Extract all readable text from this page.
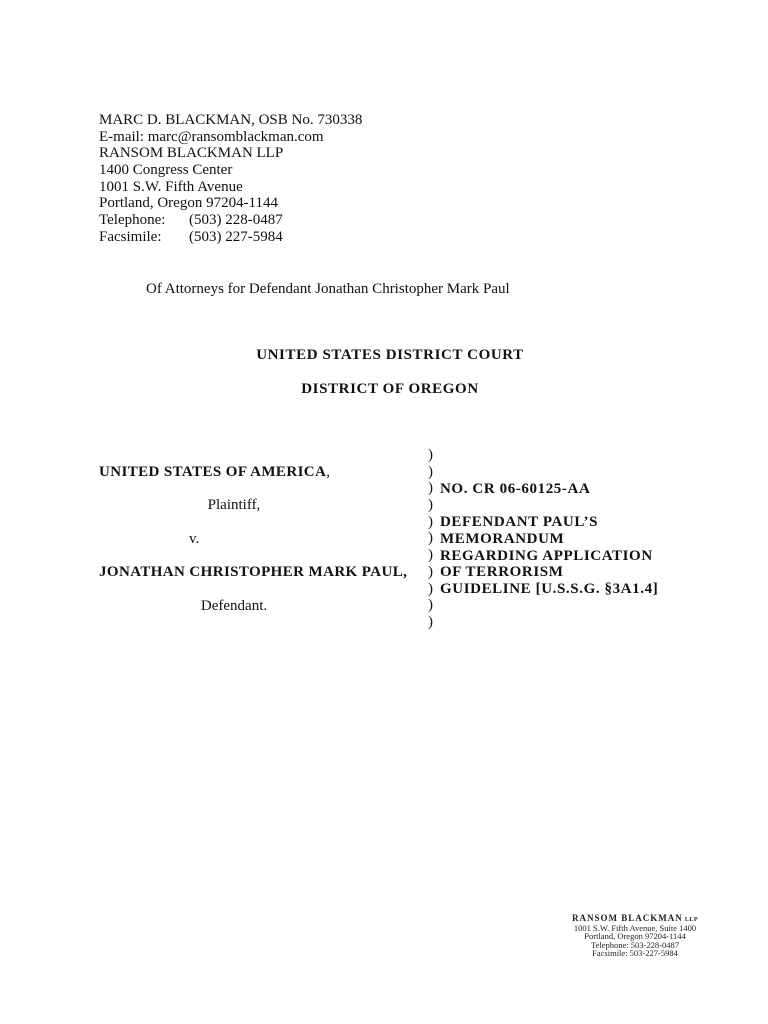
MARC D. BLACKMAN, OSB No. 730338
E-mail: marc@ransomblackman.com
RANSOM BLACKMAN LLP
1400 Congress Center
1001 S.W. Fifth Avenue
Portland, Oregon 97204-1144
Telephone: (503) 228-0487
Facsimile: (503) 227-5984
Of Attorneys for Defendant Jonathan Christopher Mark Paul
UNITED STATES DISTRICT COURT
DISTRICT OF OREGON
UNITED STATES OF AMERICA,
Plaintiff,
v.
JONATHAN CHRISTOPHER MARK PAUL,
Defendant.
)
)
)
)
)
)
)
)
)
)
)
NO. CR 06-60125-AA
DEFENDANT PAUL’S
MEMORANDUM
REGARDING APPLICATION
OF TERRORISM
GUIDELINE [U.S.S.G. §3A1.4]
RANSOM BLACKMAN LLP
1001 S.W. Fifth Avenue, Suite 1400
Portland, Oregon 97204-1144
Telephone: 503-228-0487
Facsimile: 503-227-5984
